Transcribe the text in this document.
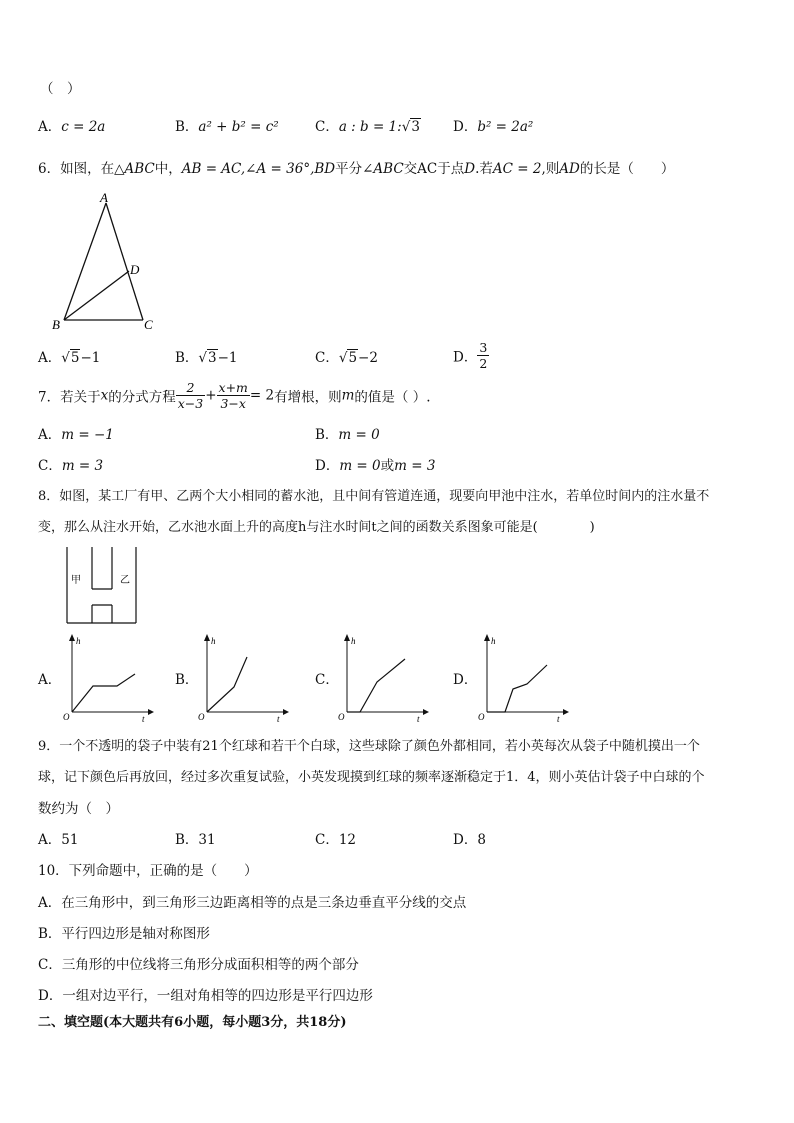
（　）
A．c = 2a	B．a² + b² = c²	C．a : b = 1:√3 D．b² = 2a²
6．如图，在△ABC中，AB = AC,∠A = 36°,BD平分∠ABC交AC于点D.若AC = 2,则AD的长是（　　）
A
B	C
D
A．√5−1	B．√3−1	C．√5−2	D． $\frac{3}{2}$
7．若关于x的分式方程 $\frac{2}{x-3} + \frac{x+m}{3-x} = 2$有增根，则m的值是（ ）.
A．m = −1	B．m = 0
C．m = 3	D．m = 0或m = 3
8．如图，某工厂有甲、乙两个大小相同的蓄水池，且中间有管道连通，现要向甲池中注水，若单位时间内的注水量不
变，那么从注水开始，乙水池水面上升的高度h与注水时间t之间的函数关系图象可能是(　　　　)
甲	乙
A．	B．	C．	D．
h
t
O
h
t
O
h
t
O
h
t
O
9．一个不透明的袋子中装有21个红球和若干个白球，这些球除了颜色外都相同，若小英每次从袋子中随机摸出一个
球，记下颜色后再放回，经过多次重复试验，小英发现摸到红球的频率逐渐稳定于1．4，则小英估计袋子中白球的个
数约为（　）
A．51	B．31	C．12	D．8
10．下列命题中，正确的是（　　）
A．在三角形中，到三角形三边距离相等的点是三条边垂直平分线的交点
B．平行四边形是轴对称图形
C．三角形的中位线将三角形分成面积相等的两个部分
D．一组对边平行，一组对角相等的四边形是平行四边形
二、填空题(本大题共有6小题，每小题3分，共18分)
